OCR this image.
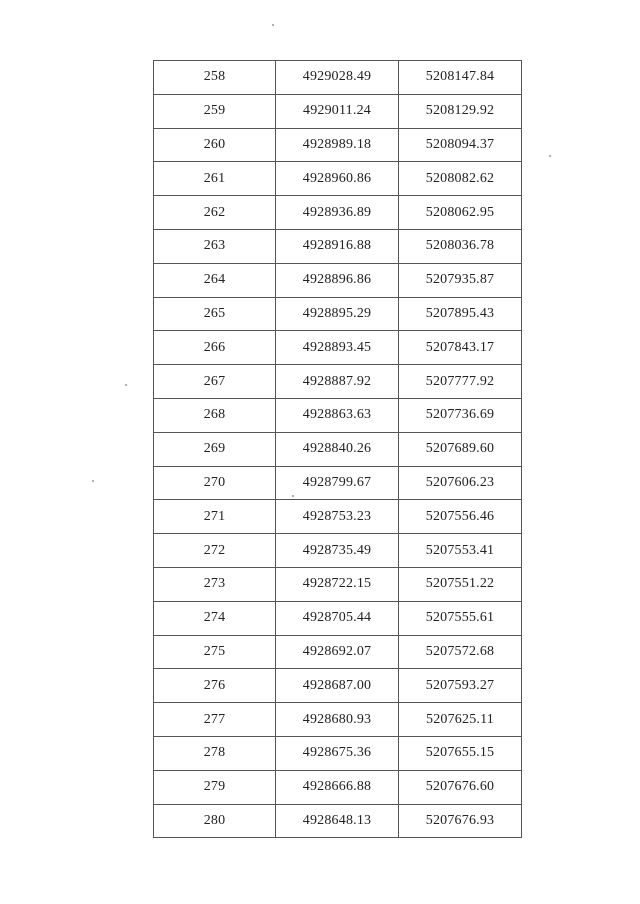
258	4929028.49	5208147.84
259	4929011.24	5208129.92
260	4928989.18	5208094.37
261	4928960.86	5208082.62
262	4928936.89	5208062.95
263	4928916.88	5208036.78
264	4928896.86	5207935.87
265	4928895.29	5207895.43
266	4928893.45	5207843.17
267	4928887.92	5207777.92
268	4928863.63	5207736.69
269	4928840.26	5207689.60
270	4928799.67	5207606.23
271	4928753.23	5207556.46
272	4928735.49	5207553.41
273	4928722.15	5207551.22
274	4928705.44	5207555.61
275	4928692.07	5207572.68
276	4928687.00	5207593.27
277	4928680.93	5207625.11
278	4928675.36	5207655.15
279	4928666.88	5207676.60
280	4928648.13	5207676.93
